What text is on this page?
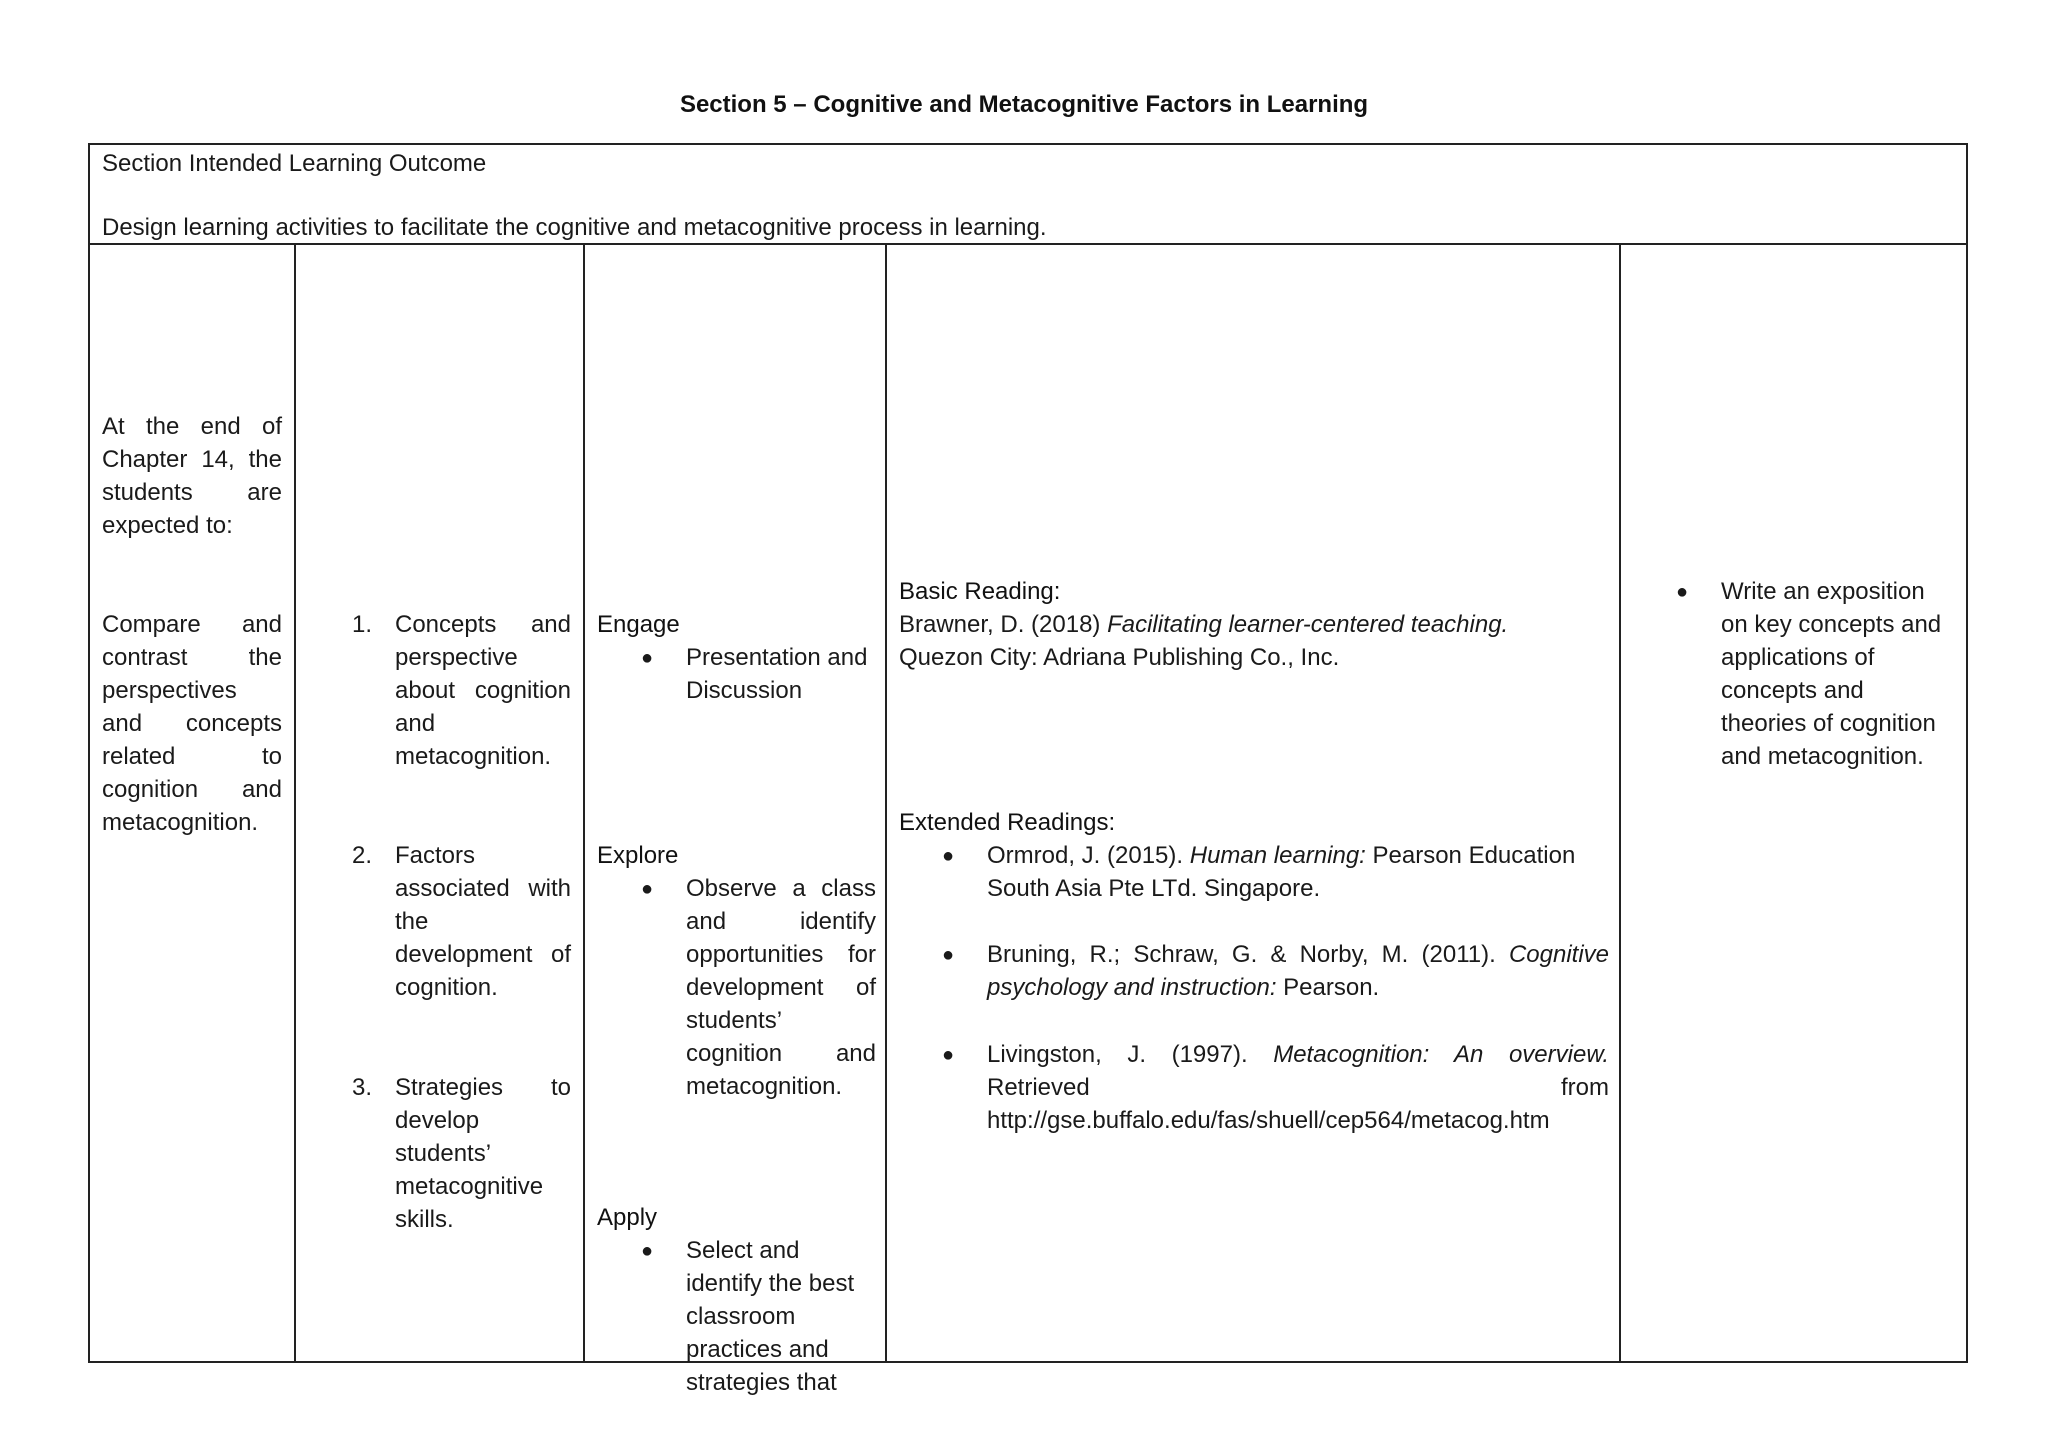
Section 5 – Cognitive and Metacognitive Factors in Learning
Section Intended Learning Outcome
Design learning activities to facilitate the cognitive and metacognitive process in learning.
At the end of
Chapter 14, the
students are
expected to:
Compare and
contrast the
perspectives
and concepts
related to
cognition and
metacognition.
1. Concepts and
perspective
about cognition
and
metacognition.
2. Factors
associated with
the
development of
cognition.
3. Strategies to
develop
students’
metacognitive
skills.
Engage
● Presentation and
Discussion
Explore
● Observe a class
and identify
opportunities for
development of
students’
cognition and
metacognition.
Apply
● Select and
identify the best
classroom
practices and
strategies that
Basic Reading:
Brawner, D. (2018) Facilitating learner-centered teaching.
Quezon City: Adriana Publishing Co., Inc.
Extended Readings:
● Ormrod, J. (2015). Human learning: Pearson Education
South Asia Pte LTd. Singapore.
● Bruning, R.; Schraw, G. & Norby, M. (2011). Cognitive
psychology and instruction: Pearson.
● Livingston, J. (1997). Metacognition: An overview.
Retrieved from
http://gse.buffalo.edu/fas/shuell/cep564/metacog.htm
● Write an exposition
on key concepts and
applications of
concepts and
theories of cognition
and metacognition.
